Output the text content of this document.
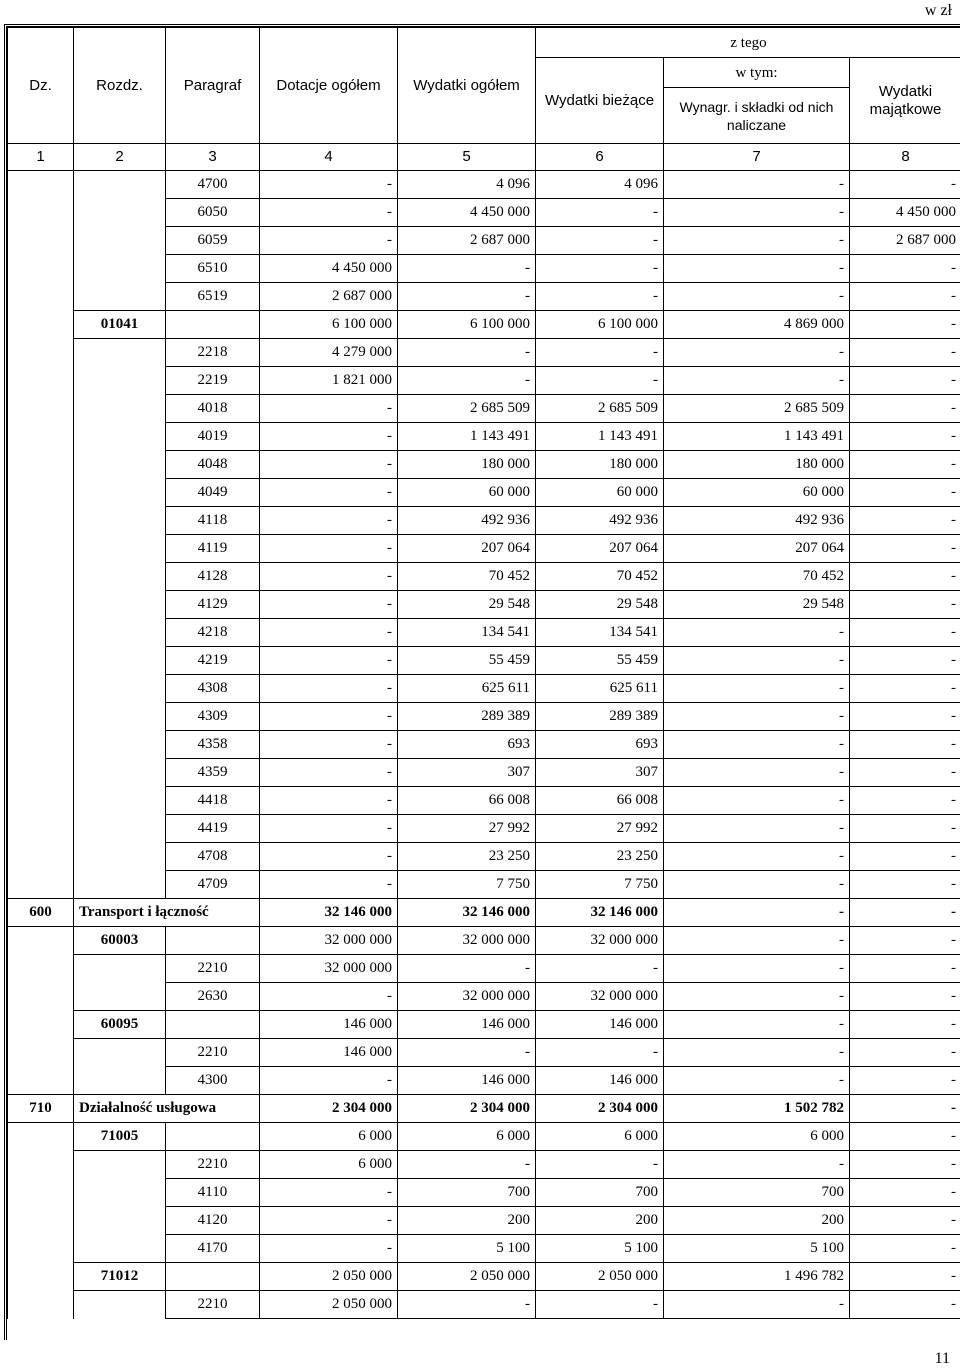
w zł
Dz.	Rozdz.	Paragraf	Dotacje ogółem	Wydatki ogółem	z tego		
					Wydatki bieżące	w tym:	Wydatki majątkowe
						Wynagr. i składki od nich naliczane	
1	2	3	4	5	6	7	8
		4700	-	4 096	4 096	-	-
		6050	-	4 450 000	-	-	4 450 000
		6059	-	2 687 000	-	-	2 687 000
		6510	4 450 000	-	-	-	-
		6519	2 687 000	-	-	-	-
	01041		6 100 000	6 100 000	6 100 000	4 869 000	-
		2218	4 279 000	-	-	-	-
		2219	1 821 000	-	-	-	-
		4018	-	2 685 509	2 685 509	2 685 509	-
		4019	-	1 143 491	1 143 491	1 143 491	-
		4048	-	180 000	180 000	180 000	-
		4049	-	60 000	60 000	60 000	-
		4118	-	492 936	492 936	492 936	-
		4119	-	207 064	207 064	207 064	-
		4128	-	70 452	70 452	70 452	-
		4129	-	29 548	29 548	29 548	-
		4218	-	134 541	134 541	-	-
		4219	-	55 459	55 459	-	-
		4308	-	625 611	625 611	-	-
		4309	-	289 389	289 389	-	-
		4358	-	693	693	-	-
		4359	-	307	307	-	-
		4418	-	66 008	66 008	-	-
		4419	-	27 992	27 992	-	-
		4708	-	23 250	23 250	-	-
		4709	-	7 750	7 750	-	-
600	Transport i łączność		32 146 000	32 146 000	32 146 000	-	-
	60003		32 000 000	32 000 000	32 000 000	-	-
		2210	32 000 000	-	-	-	-
		2630	-	32 000 000	32 000 000	-	-
	60095		146 000	146 000	146 000	-	-
		2210	146 000	-	-	-	-
		4300	-	146 000	146 000	-	-
710	Działalność usługowa		2 304 000	2 304 000	2 304 000	1 502 782	-
	71005		6 000	6 000	6 000	6 000	-
		2210	6 000	-	-	-	-
		4110	-	700	700	700	-
		4120	-	200	200	200	-
		4170	-	5 100	5 100	5 100	-
	71012		2 050 000	2 050 000	2 050 000	1 496 782	-
		2210	2 050 000	-	-	-	-
11
